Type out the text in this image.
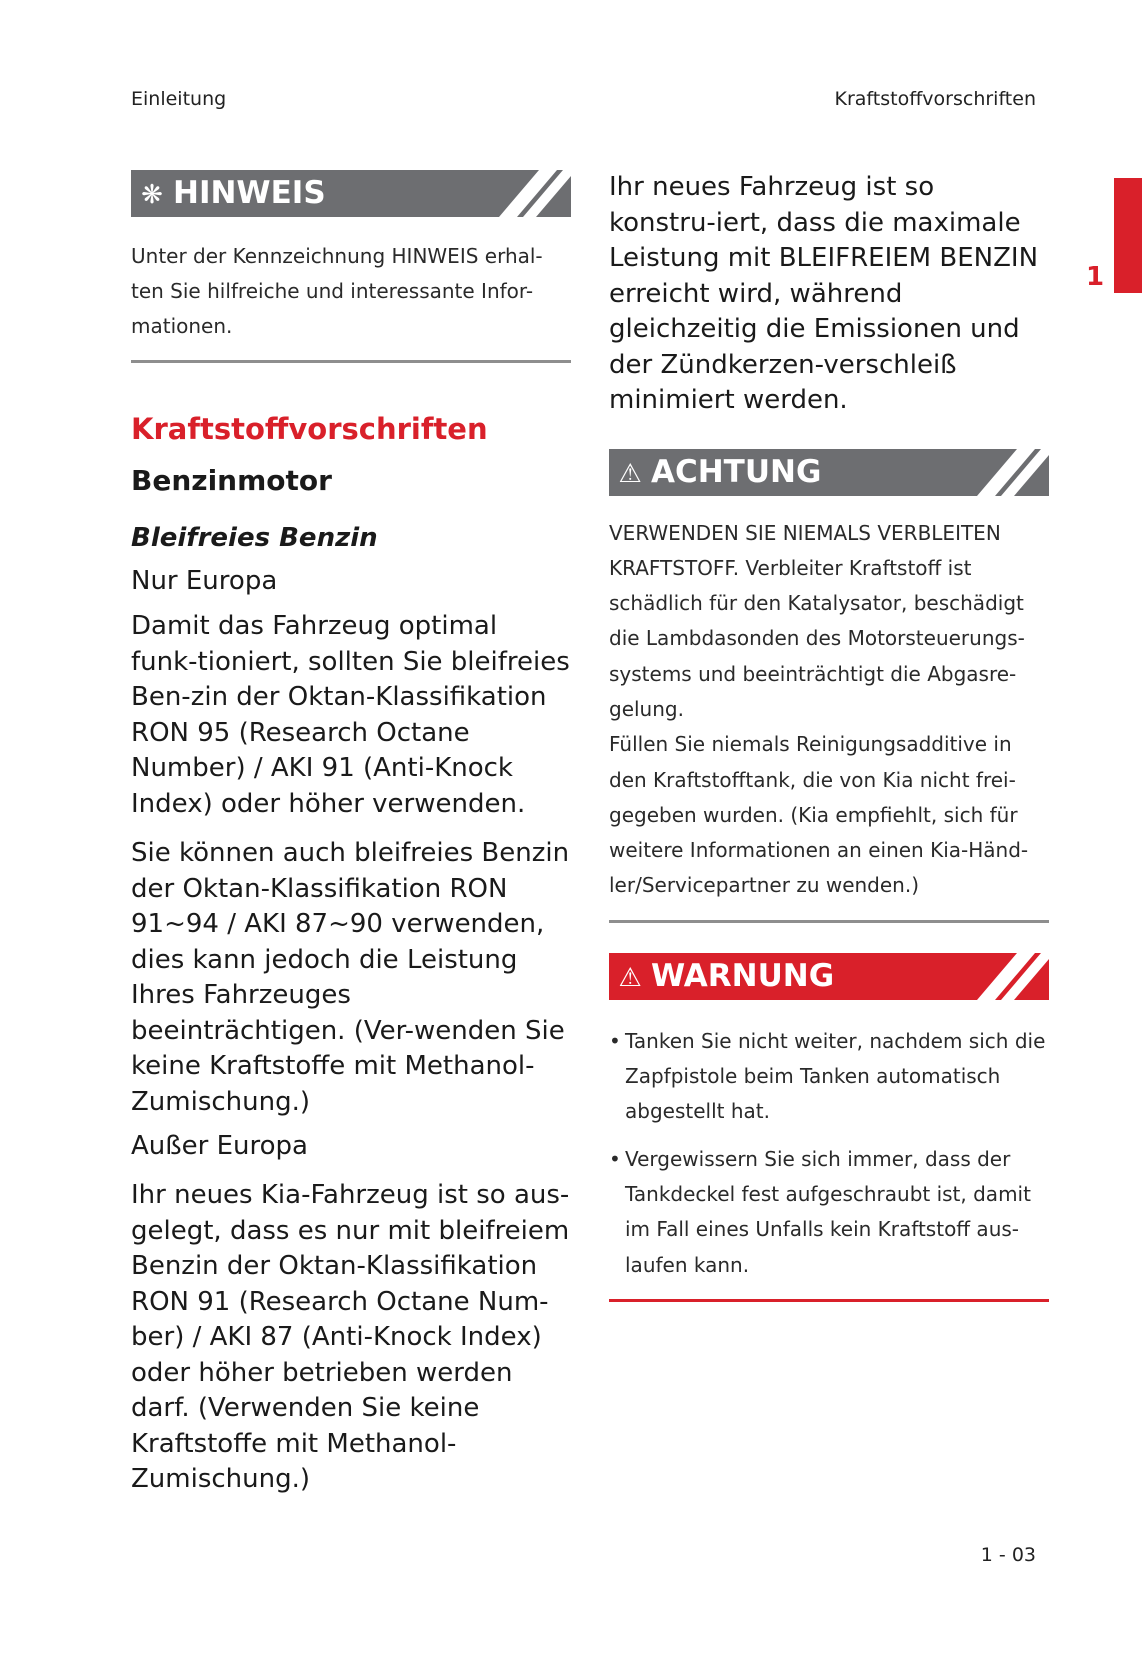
Einleitung	Kraftstoffvorschriften
1
❋ HINWEIS
Unter der Kennzeichnung HINWEIS erhal-ten Sie hilfreiche und interessante Infor-mationen.
Kraftstoffvorschriften
Benzinmotor
Bleifreies Benzin
Nur Europa

Damit das Fahrzeug optimal funk-tioniert, sollten Sie bleifreies Ben-zin der Oktan-Klassifikation RON 95 (Research Octane Number) / AKI 91 (Anti-Knock Index) oder höher verwenden.

Sie können auch bleifreies Benzin der Oktan-Klassifikation RON 91~94 / AKI 87~90 verwenden, dies kann jedoch die Leistung Ihres Fahrzeuges beeinträchtigen. (Ver-wenden Sie keine Kraftstoffe mit Methanol-Zumischung.)

Außer Europa

Ihr neues Kia-Fahrzeug ist so aus-gelegt, dass es nur mit bleifreiem Benzin der Oktan-Klassifikation RON 91 (Research Octane Num-ber) / AKI 87 (Anti-Knock Index) oder höher betrieben werden darf. (Verwenden Sie keine Kraftstoffe mit Methanol-Zumischung.)

Ihr neues Fahrzeug ist so konstru-iert, dass die maximale Leistung mit BLEIFREIEM BENZIN erreicht wird, während gleichzeitig die Emissionen und der Zündkerzen-verschleiß minimiert werden.

⚠ ACHTUNG

VERWENDEN SIE NIEMALS VERBLEITEN KRAFTSTOFF. Verbleiter Kraftstoff ist schädlich für den Katalysator, beschädigt die Lambdasonden des Motorsteuerungs-systems und beeinträchtigt die Abgasre-gelung.

Füllen Sie niemals Reinigungsadditive in den Kraftstofftank, die von Kia nicht frei-gegeben wurden. (Kia empfiehlt, sich für weitere Informationen an einen Kia-Händ-ler/Servicepartner zu wenden.)

⚠ WARNUNG
• Tanken Sie nicht weiter, nachdem sich die Zapfpistole beim Tanken automatisch abgestellt hat.
• Vergewissern Sie sich immer, dass der Tankdeckel fest aufgeschraubt ist, damit im Fall eines Unfalls kein Kraftstoff aus-laufen kann.
1 - 03
